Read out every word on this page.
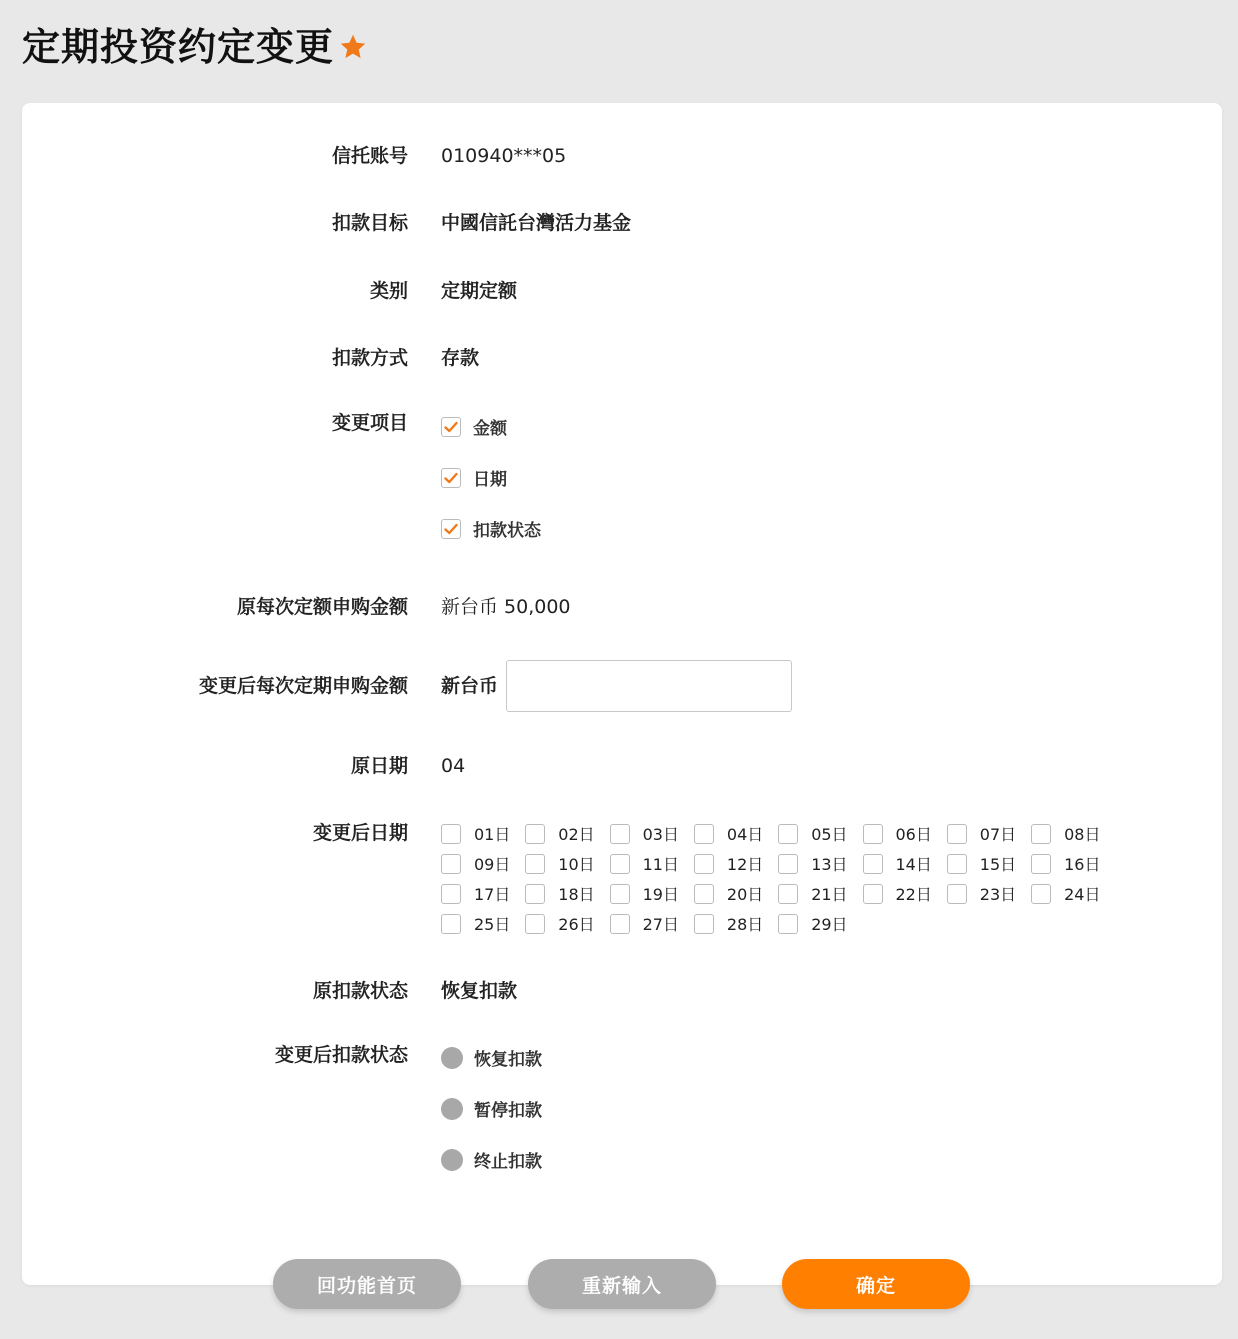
定期投资约定变更
信托账号 010940***05
扣款目标 中國信託台灣活力基金
类别 定期定额
扣款方式 存款
变更项目	金额
日期
扣款状态
原每次定额申购金额 新台币 50,000
变更后每次定期申购金额 新台币
原日期 04
变更后日期	01日	02日	03日	04日	05日	06日	07日	08日
09日	10日	11日	12日	13日	14日	15日	16日
17日	18日	19日	20日	21日	22日	23日	24日
25日	26日	27日	28日	29日
原扣款状态 恢复扣款
变更后扣款状态	恢复扣款
暂停扣款
终止扣款
回功能首页	重新输入	确定
